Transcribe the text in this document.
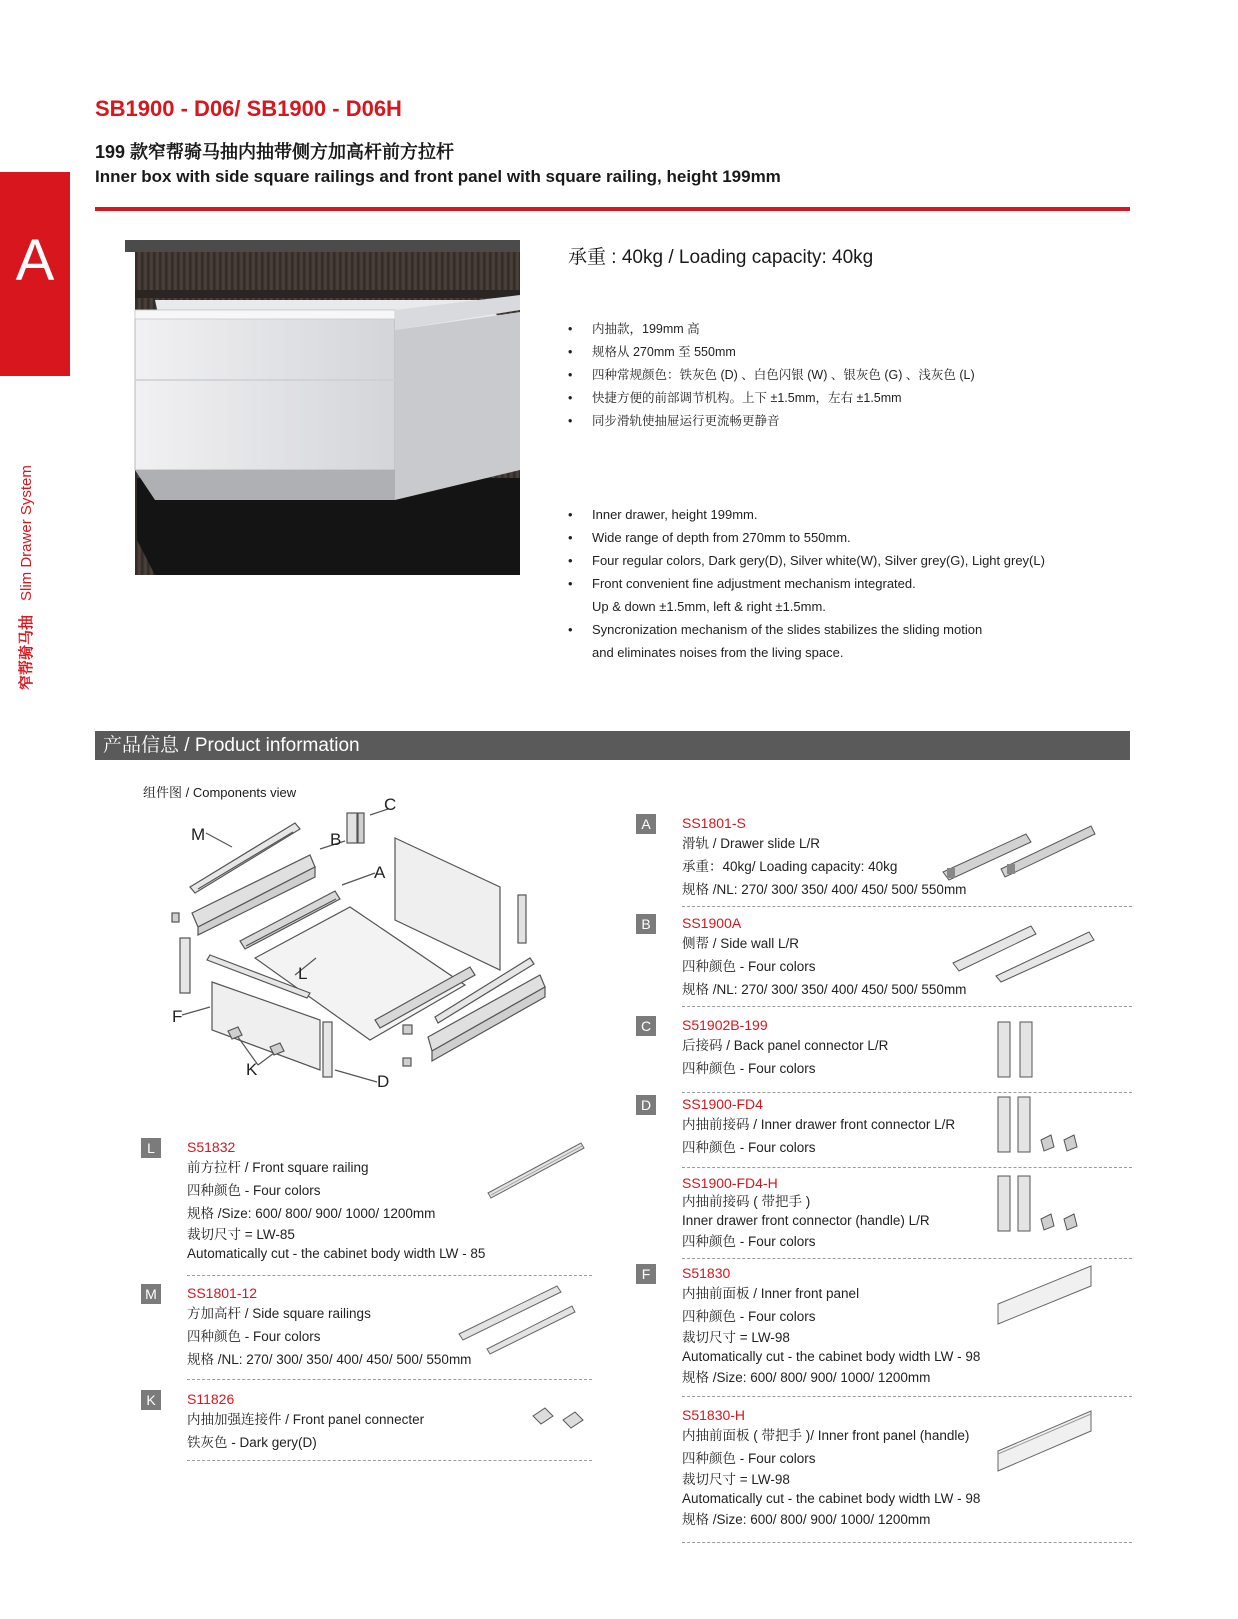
A
窄帮骑马抽Slim Drawer System
SB1900 - D06/ SB1900 - D06H
199 款窄帮骑马抽内抽带侧方加高杆前方拉杆
Inner box with side square railings and front panel with square railing, height 199mm
承重 : 40kg / Loading capacity: 40kg
• 内抽款，199mm 高
• 规格从 270mm 至 550mm
• 四种常规颜色：铁灰色 (D) 、白色闪银 (W) 、银灰色 (G) 、浅灰色 (L)
• 快捷方便的前部调节机构。上下 ±1.5mm，左右 ±1.5mm
• 同步滑轨使抽屉运行更流畅更静音
• Inner drawer, height 199mm.
• Wide range of depth from 270mm to 550mm.
• Four regular colors, Dark gery(D), Silver white(W), Silver grey(G), Light grey(L)
• Front convenient fine adjustment mechanism integrated.
Up & down ±1.5mm, left & right ±1.5mm.
• Syncronization mechanism of the slides stabilizes the sliding motion
and eliminates noises from the living space.
产品信息 / Product information
组件图 / Components view
M	B
C
A
L
F
K
D
L	S51832
前方拉杆 / Front square railing
四种颜色 - Four colors
规格 /Size: 600/ 800/ 900/ 1000/ 1200mm
裁切尺寸 = LW-85
Automatically cut - the cabinet body width LW - 85
M SS1801-12
方加高杆 / Side square railings
四种颜色 - Four colors
规格 /NL: 270/ 300/ 350/ 400/ 450/ 500/ 550mm
K	S11826
内抽加强连接件 / Front panel connecter
铁灰色 - Dark gery(D)
A	SS1801-S
滑轨 / Drawer slide L/R
承重：40kg/ Loading capacity: 40kg
规格 /NL: 270/ 300/ 350/ 400/ 450/ 500/ 550mm
B	SS1900A
侧帮 / Side wall L/R
四种颜色 - Four colors
规格 /NL: 270/ 300/ 350/ 400/ 450/ 500/ 550mm
C	S51902B-199
后接码 / Back panel connector L/R
四种颜色 - Four colors
D	SS1900-FD4
内抽前接码 / Inner drawer front connector L/R
四种颜色 - Four colors
SS1900-FD4-H
内抽前接码 ( 带把手 )
Inner drawer front connector (handle) L/R
四种颜色 - Four colors
F	S51830
内抽前面板 / Inner front panel
四种颜色 - Four colors
裁切尺寸 = LW-98
Automatically cut - the cabinet body width LW - 98
规格 /Size: 600/ 800/ 900/ 1000/ 1200mm
S51830-H
内抽前面板 ( 带把手 )/ Inner front panel (handle)
四种颜色 - Four colors
裁切尺寸 = LW-98
Automatically cut - the cabinet body width LW - 98
规格 /Size: 600/ 800/ 900/ 1000/ 1200mm
